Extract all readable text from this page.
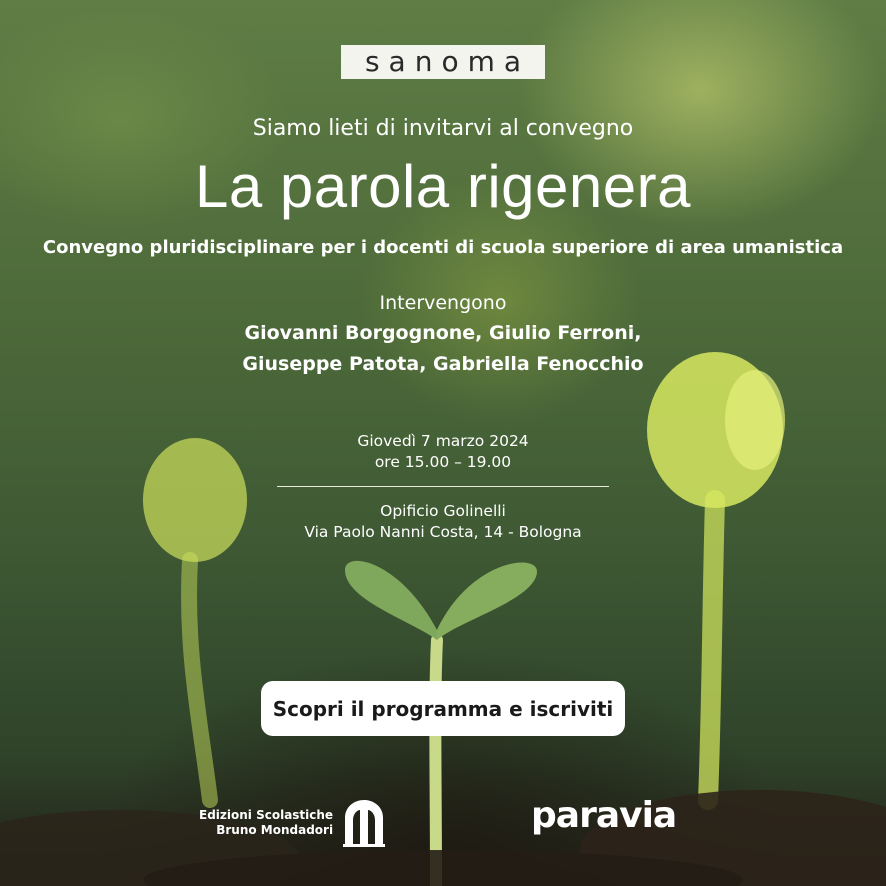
sanoma
Siamo lieti di invitarvi al convegno
La parola rigenera
Convegno pluridisciplinare per i docenti di scuola superiore di area umanistica
Intervengono
Giovanni Borgognone, Giulio Ferroni,
Giuseppe Patota, Gabriella Fenocchio
Giovedì 7 marzo 2024
ore 15.00 – 19.00
Opificio Golinelli
Via Paolo Nanni Costa, 14 - Bologna
Scopri il programma e iscriviti
Edizioni Scolastiche
Bruno Mondadori	paravia
